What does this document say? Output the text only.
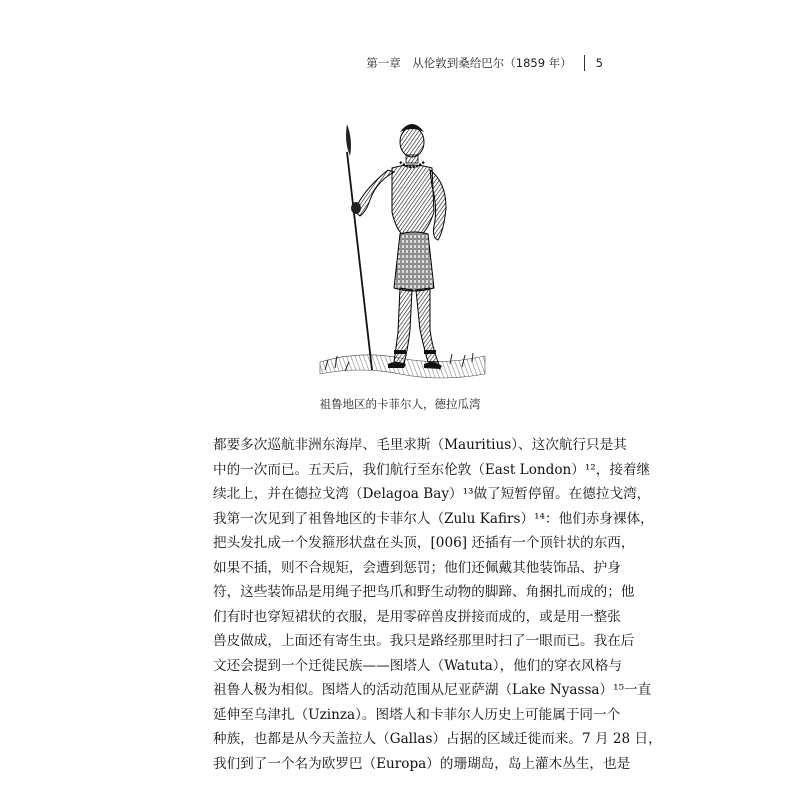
第一章　从伦敦到桑给巴尔（1859 年） 5
祖鲁地区的卡菲尔人，德拉瓜湾
都要多次巡航非洲东海岸、毛里求斯（Mauritius）、这次航行只是其
中的一次而已。五天后，我们航行至东伦敦（East London）¹²，接着继
续北上，并在德拉戈湾（Delagoa Bay）¹³做了短暂停留。在德拉戈湾，
我第一次见到了祖鲁地区的卡菲尔人（Zulu Kafirs）¹⁴：他们赤身裸体，
把头发扎成一个发箍形状盘在头顶，[006] 还插有一个顶针状的东西，
如果不插，则不合规矩，会遭到惩罚；他们还佩戴其他装饰品、护身
符，这些装饰品是用绳子把鸟爪和野生动物的脚蹄、角捆扎而成的；他
们有时也穿短裙状的衣服，是用零碎兽皮拼接而成的，或是用一整张
兽皮做成，上面还有寄生虫。我只是路经那里时扫了一眼而已。我在后
文还会提到一个迁徙民族——图塔人（Watuta），他们的穿衣风格与
祖鲁人极为相似。图塔人的活动范围从尼亚萨湖（Lake Nyassa）¹⁵一直
延伸至乌津扎（Uzinza）。图塔人和卡菲尔人历史上可能属于同一个
种族，也都是从今天盖拉人（Gallas）占据的区域迁徙而来。7 月 28 日，
我们到了一个名为欧罗巴（Europa）的珊瑚岛，岛上灌木丛生，也是
